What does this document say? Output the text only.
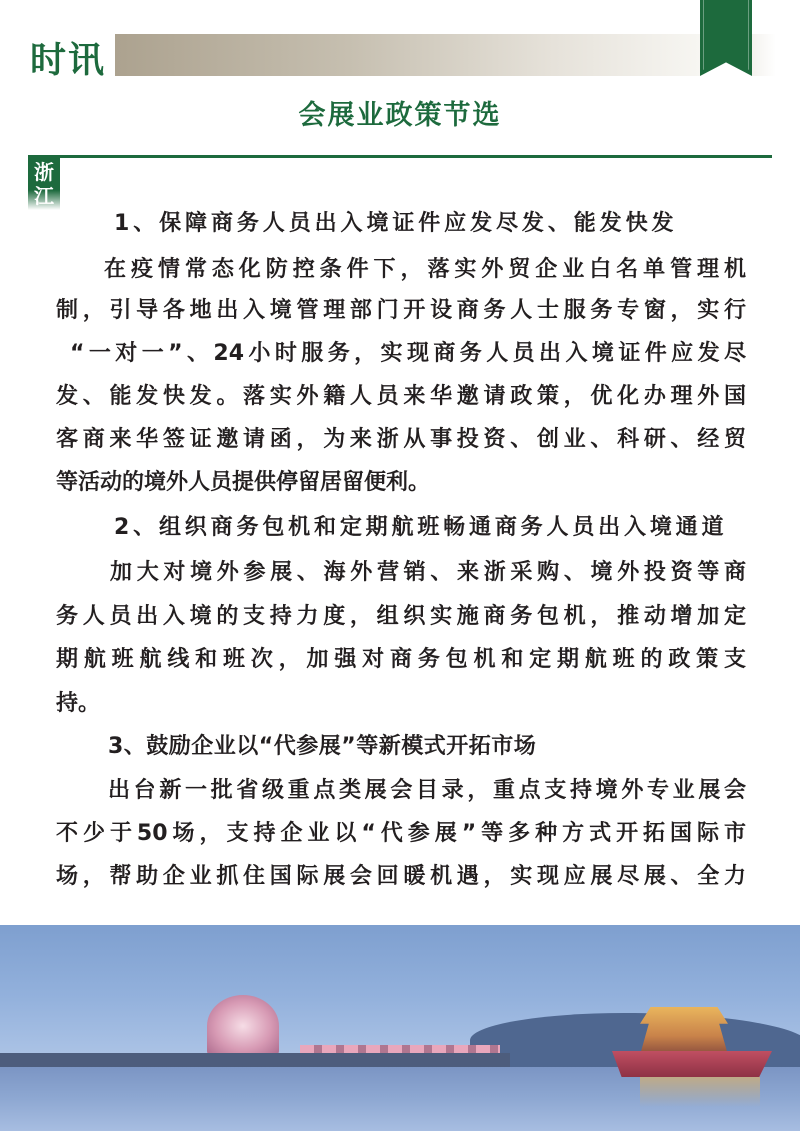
时讯
会展业政策节选
浙江
1、保障商务人员出入境证件应发尽发、能发快发
在疫情常态化防控条件下，落实外贸企业白名单管理机
制，引导各地出入境管理部门开设商务人士服务专窗，实行
“一对一”、24小时服务，实现商务人员出入境证件应发尽
发、能发快发。落实外籍人员来华邀请政策，优化办理外国
客商来华签证邀请函，为来浙从事投资、创业、科研、经贸
等活动的境外人员提供停留居留便利。
2、组织商务包机和定期航班畅通商务人员出入境通道
加大对境外参展、海外营销、来浙采购、境外投资等商
务人员出入境的支持力度，组织实施商务包机，推动增加定
期航班航线和班次，加强对商务包机和定期航班的政策支
持。
3、鼓励企业以“代参展”等新模式开拓市场
出台新一批省级重点类展会目录，重点支持境外专业展会
不少于50场，支持企业以“代参展”等多种方式开拓国际市
场，帮助企业抓住国际展会回暖机遇，实现应展尽展、全力
